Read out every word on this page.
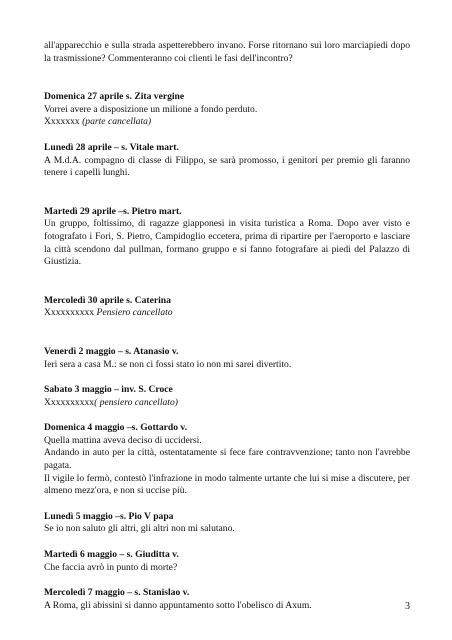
all'apparecchio e sulla strada aspetterebbero invano. Forse ritornano sui loro marciapiedi dopo la trasmissione? Commenteranno coi clienti le fasi dell'incontro?

Domenica 27 aprile s. Zita vergine

Vorrei avere a disposizione un milione a fondo perduto.

Xxxxxxx (parte cancellata)

Lunedì 28 aprile – s. Vitale mart.

A M.d.A. compagno di classe di Filippo, se sarà promosso, i genitori per premio gli faranno tenere i capelli lunghi.

Martedì 29 aprile –s. Pietro mart.

Un gruppo, foltissimo, di ragazze giapponesi in visita turistica a Roma. Dopo aver visto e fotografato i Fori, S. Pietro, Campidoglio eccetera, prima di ripartire per l'aeroporto e lasciare la città scendono dal pullman, formano gruppo e si fanno fotografare ai piedi del Palazzo di Giustizia.

Mercoledì 30 aprile s. Caterina

Xxxxxxxxxx Pensiero cancellato

Venerdì 2 maggio – s. Atanasio v.

Ieri sera a casa M.: se non ci fossi stato io non mi sarei divertito.

Sabato 3 maggio – inv. S. Croce

Xxxxxxxxxx( pensiero cancellato)

Domenica 4 maggio –s. Gottardo v.

Quella mattina aveva deciso di uccidersi.

Andando in auto per la città, ostentatamente si fece fare contravvenzione; tanto non l'avrebbe pagata.

Il vigile lo fermò, contestò l'infrazione in modo talmente urtante che lui si mise a discutere, per almeno mezz'ora, e non si uccise più.

Lunedì 5 maggio –s. Pio V papa

Se io non saluto gli altri, gli altri non mi salutano.

Martedì 6 maggio – s. Giuditta v.

Che faccia avrò in punto di morte?

Mercoledì 7 maggio – s. Stanislao v.

A Roma, gli abissini si danno appuntamento sotto l'obelisco di Axum.	3
